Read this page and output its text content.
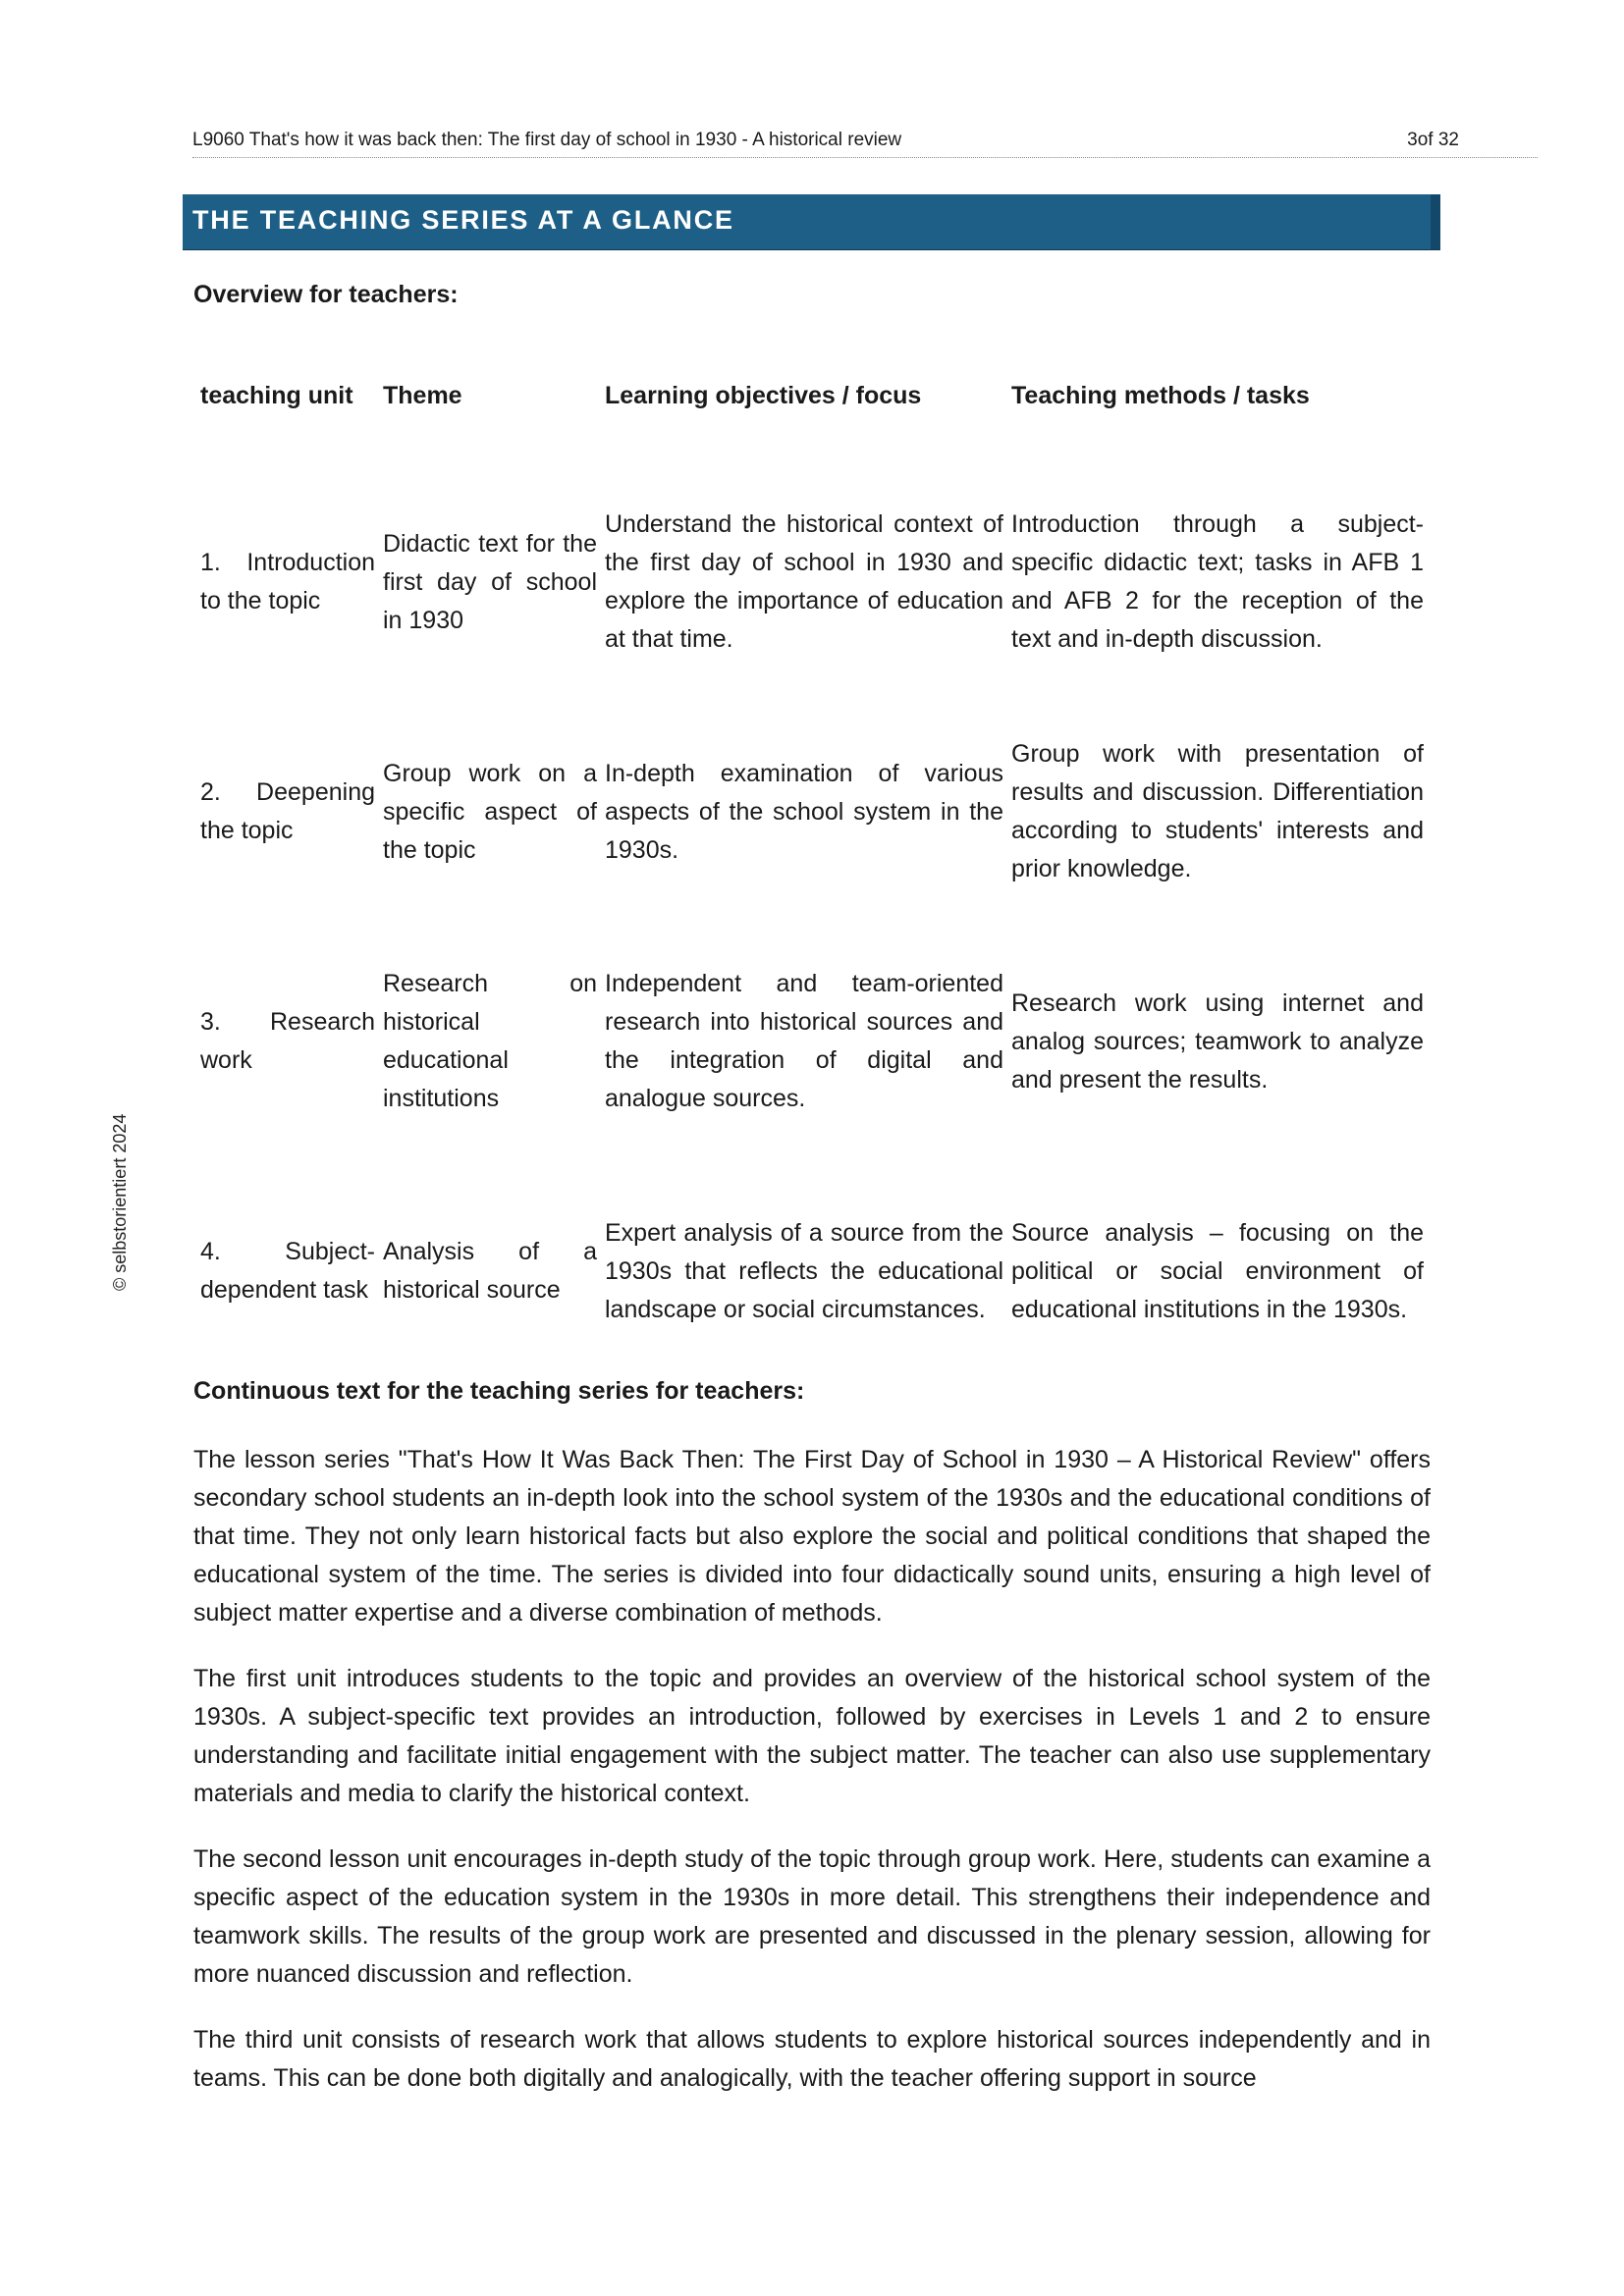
L9060 That's how it was back then: The first day of school in 1930 - A historical review	3of 32
© selbstorientiert 2024
THE TEACHING SERIES AT A GLANCE
Overview for teachers:
teaching unit	Theme	Learning objectives / focus	Teaching methods / tasks
1. Introduction to the topic	Didactic text for the first day of school in 1930	Understand the historical context of the first day of school in 1930 and explore the importance of education at that time.	Introduction through a subject-specific didactic text; tasks in AFB 1 and AFB 2 for the reception of the text and in-depth discussion.
2. Deepening the topic	Group work on a specific aspect of the topic	In-depth examination of various aspects of the school system in the 1930s.	Group work with presentation of results and discussion. Differentiation according to students' interests and prior knowledge.
3. Research work	Research on historical educational institutions	Independent and team-oriented research into historical sources and the integration of digital and analogue sources.	Research work using internet and analog sources; teamwork to analyze and present the results.
4. Subject-dependent task	Analysis of a historical source	Expert analysis of a source from the 1930s that reflects the educational landscape or social circumstances.	Source analysis – focusing on the political or social environment of educational institutions in the 1930s.
Continuous text for the teaching series for teachers:

The lesson series "That's How It Was Back Then: The First Day of School in 1930 – A Historical Review" offers secondary school students an in-depth look into the school system of the 1930s and the educational conditions of that time. They not only learn historical facts but also explore the social and political conditions that shaped the educational system of the time. The series is divided into four didactically sound units, ensuring a high level of subject matter expertise and a diverse combination of methods.

The first unit introduces students to the topic and provides an overview of the historical school system of the 1930s. A subject-specific text provides an introduction, followed by exercises in Levels 1 and 2 to ensure understanding and facilitate initial engagement with the subject matter. The teacher can also use supplementary materials and media to clarify the historical context.

The second lesson unit encourages in-depth study of the topic through group work. Here, students can examine a specific aspect of the education system in the 1930s in more detail. This strengthens their independence and teamwork skills. The results of the group work are presented and discussed in the plenary session, allowing for more nuanced discussion and reflection.

The third unit consists of research work that allows students to explore historical sources independently and in teams. This can be done both digitally and analogically, with the teacher offering support in source
